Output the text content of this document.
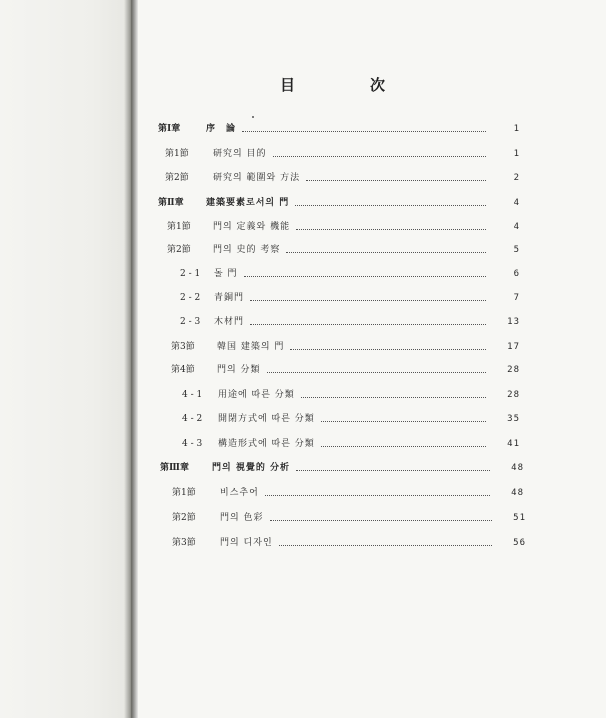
目	次
第Ⅰ章	序　論	1
第1節	研究의 目的	1
第2節	研究의 範圍와 方法	2
第Ⅱ章	建築要素로서의 門	4
第1節	門의 定義와 機能	4
第2節	門의 史的 考察	5
2 - 1	돌 門	6
2 - 2	青銅門	7
2 - 3	木材門	13
第3節	韓国 建築의 門	17
第4節	門의 分類	28
4 - 1	用途에 따른 分類	28
4 - 2	開閉方式에 따른 分類	35
4 - 3	構造形式에 따른 分類	41
第Ⅲ章	門의 視覺的 分析	48
第1節	비스추어	48
第2節	門의 色彩	51
第3節	門의 디자인	56
